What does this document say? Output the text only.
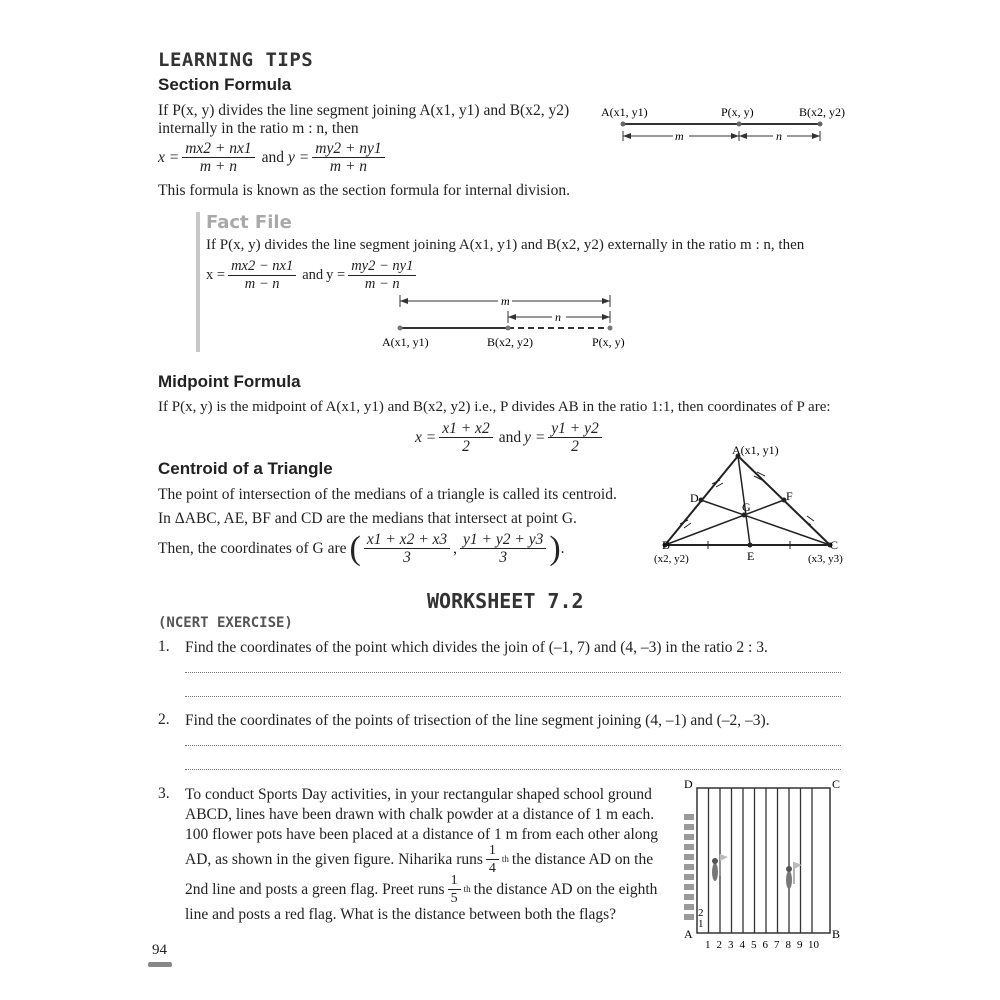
LEARNING TIPS
Section Formula
If P(x, y) divides the line segment joining A(x1, y1) and B(x2, y2)
internally in the ratio m : n, then
$x = \frac{mx2 + nx1}{m + n}$ and $y = \frac{my2 + ny1}{m + n}$
This formula is known as the section formula for internal division.
A(x1, y1)	P(x, y)	B(x2, y2)
m	n
Fact File
If P(x, y) divides the line segment joining A(x1, y1) and B(x2, y2) externally in the ratio m : n, then
$x = \frac{mx2 - nx1}{m - n}$ and $y = \frac{my2 - ny1}{m - n}$
m
n
A(x1, y1)	B(x2, y2)	P(x, y)
Midpoint Formula
If P(x, y) is the midpoint of A(x1, y1) and B(x2, y2) i.e., P divides AB in the ratio 1:1, then coordinates of P are:
$x = \frac{x1 + x2}{2}$ and $y = \frac{y1 + y2}{2}$
Centroid of a Triangle
The point of intersection of the medians of a triangle is called its centroid.
In ΔABC, AE, BF and CD are the medians that intersect at point G.
Then, the coordinates of G are ( $\frac{x1 + x2 + x3}{3}$ , $\frac{y1 + y2 + y3}{3}$ ) .
A(x1, y1)
D	F
G
B
(x2, y2)
C
(x3, y3)
E
WORKSHEET 7.2
(NCERT EXERCISE)
1. Find the coordinates of the point which divides the join of (–1, 7) and (4, –3) in the ratio 2 : 3.
2. Find the coordinates of the points of trisection of the line segment joining (4, –1) and (–2, –3).
3. To conduct Sports Day activities, in your rectangular shaped school ground
ABCD, lines have been drawn with chalk powder at a distance of 1 m each.
100 flower pots have been placed at a distance of 1 m from each other along
AD, as shown in the given figure. Niharika runs $\frac{1}{4}$ th the distance AD on the
2nd line and posts a green flag. Preet runs $\frac{1}{5}$ th the distance AD on the eighth
line and posts a red flag. What is the distance between both the flags?
D	C
A	B
2
1
1 2 3 4 5 6 7 8 9 10
94
